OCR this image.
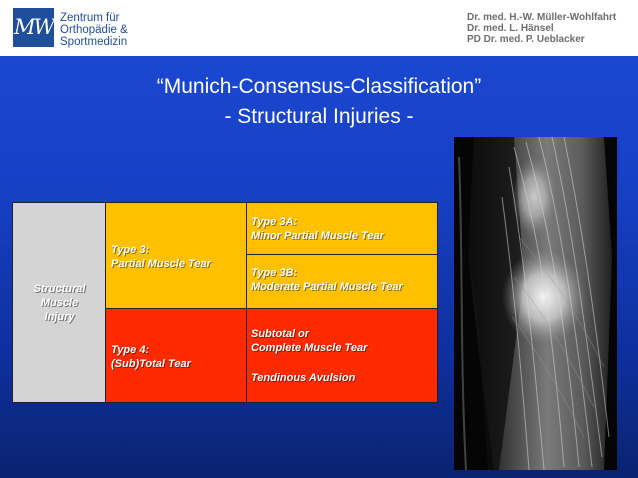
MW Zentrum für
Orthopädie &
Sportmedizin
Dr. med. H.-W. Müller-Wohlfahrt
Dr. med. L. Hänsel
PD Dr. med. P. Ueblacker
“Munich-Consensus-Classification”
- Structural Injuries -
Structural
Muscle
Injury
Type 3:
Partial Muscle Tear
Type 4:
(Sub)Total Tear
Type 3A:
Minor Partial Muscle Tear
Type 3B:
Moderate Partial Muscle Tear
Subtotal or
Complete Muscle Tear
Tendinous Avulsion
